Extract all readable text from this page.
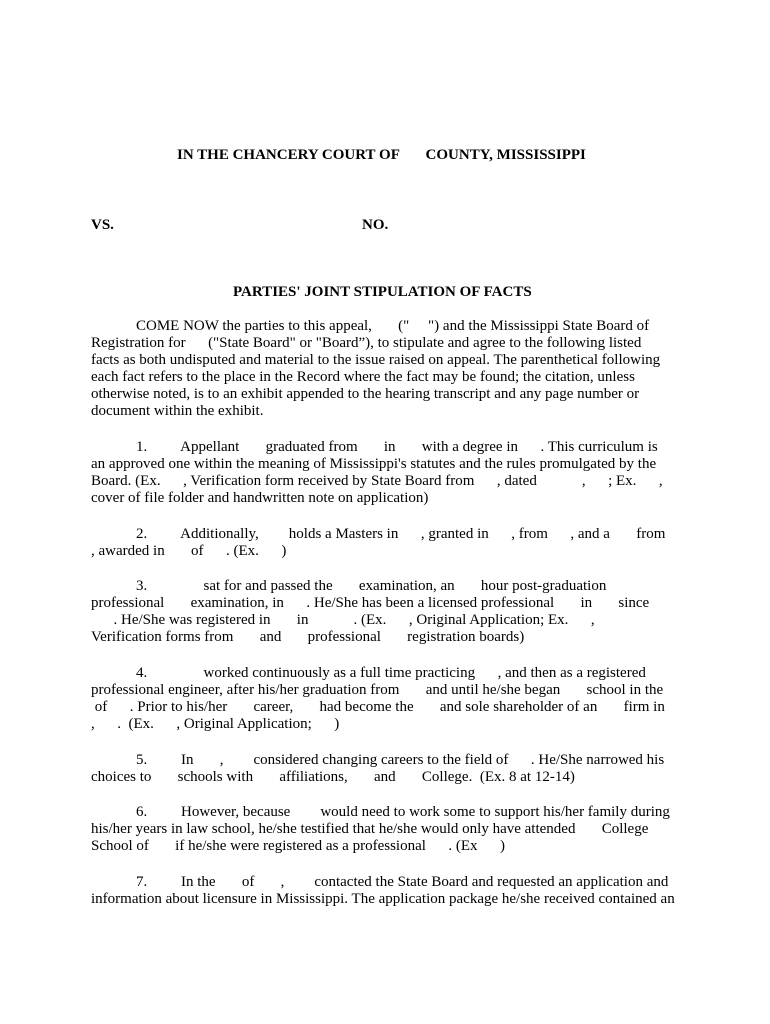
IN THE CHANCERY COURT OF       COUNTY, MISSISSIPPI
VS.	NO.
PARTIES' JOINT STIPULATION OF FACTS
COME NOW the parties to this appeal,       ("     ") and the Mississippi State Board of
Registration for      ("State Board" or "Board”), to stipulate and agree to the following listed
facts as both undisputed and material to the issue raised on appeal. The parenthetical following
each fact refers to the place in the Record where the fact may be found; the citation, unless
otherwise noted, is to an exhibit appended to the hearing transcript and any page number or
document within the exhibit.
1.         Appellant       graduated from       in       with a degree in      . This curriculum is
an approved one within the meaning of Mississippi's statutes and the rules promulgated by the
Board. (Ex.      , Verification form received by State Board from      , dated            ,      ; Ex.      ,
cover of file folder and handwritten note on application)
2.         Additionally,        holds a Masters in      , granted in      , from      , and a       from
, awarded in       of      . (Ex.      )
3.               sat for and passed the       examination, an       hour post-graduation
professional       examination, in      . He/She has been a licensed professional       in       since
. He/She was registered in       in            . (Ex.      , Original Application; Ex.      ,
Verification forms from       and       professional       registration boards)
4.               worked continuously as a full time practicing      , and then as a registered
professional engineer, after his/her graduation from       and until he/she began       school in the
of      . Prior to his/her       career,       had become the       and sole shareholder of an       firm in
,      .  (Ex.      , Original Application;      )
5.         In       ,        considered changing careers to the field of      . He/She narrowed his
choices to       schools with       affiliations,       and       College.  (Ex. 8 at 12-14)
6.         However, because        would need to work some to support his/her family during
his/her years in law school, he/she testified that he/she would only have attended       College
School of       if he/she were registered as a professional      . (Ex      )
7.         In the       of       ,        contacted the State Board and requested an application and
information about licensure in Mississippi. The application package he/she received contained an
